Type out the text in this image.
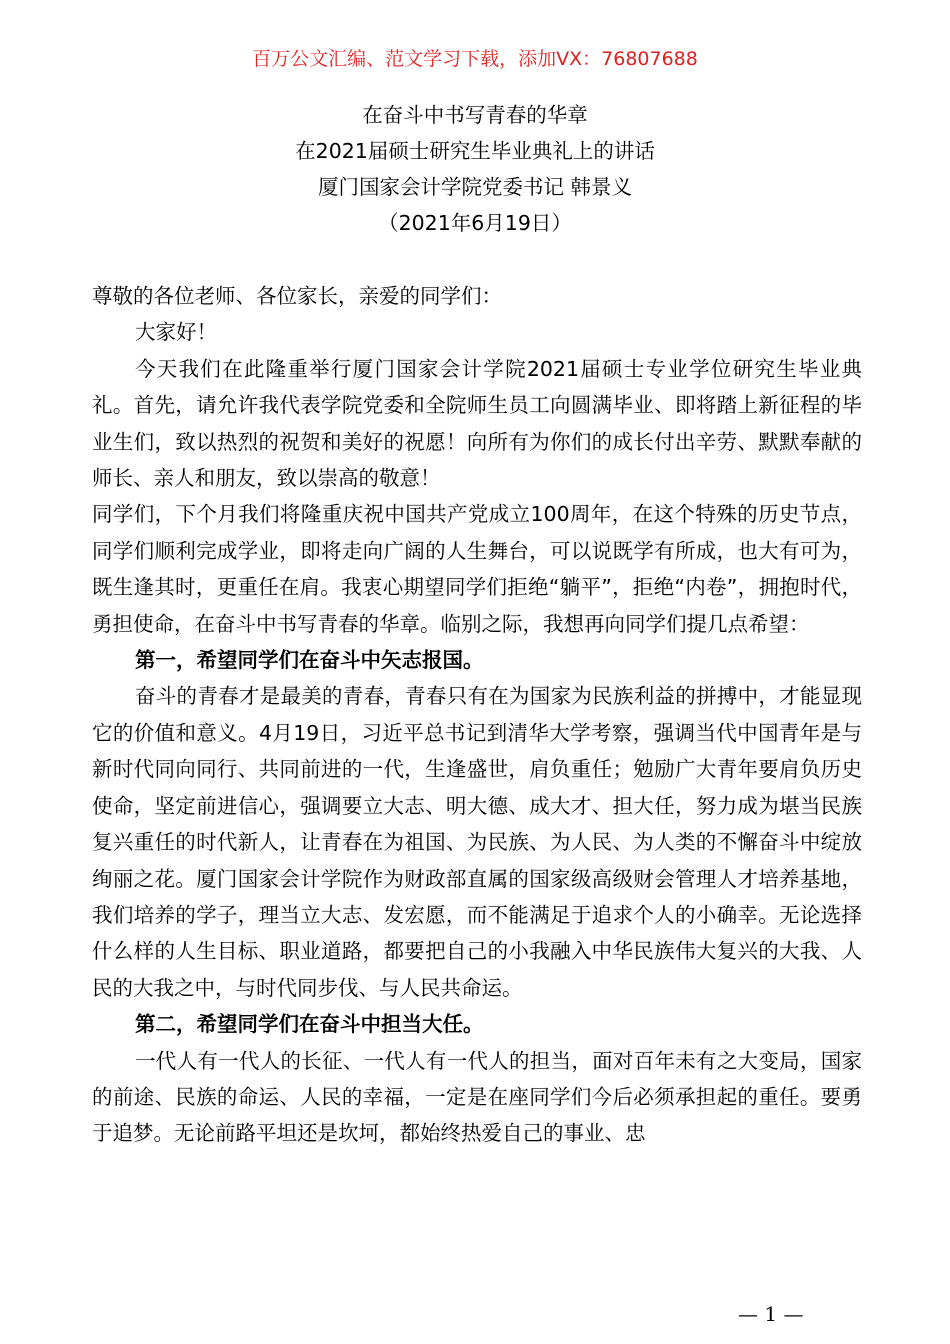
百万公文汇编、范文学习下载，添加VX：76807688
在奋斗中书写青春的华章
在2021届硕士研究生毕业典礼上的讲话
厦门国家会计学院党委书记 韩景义
（2021年6月19日）

尊敬的各位老师、各位家长，亲爱的同学们：

大家好！

今天我们在此隆重举行厦门国家会计学院2021届硕士专业学位研究生毕业典礼。首先，请允许我代表学院党委和全院师生员工向圆满毕业、即将踏上新征程的毕业生们，致以热烈的祝贺和美好的祝愿！向所有为你们的成长付出辛劳、默默奉献的师长、亲人和朋友，致以崇高的敬意！

同学们，下个月我们将隆重庆祝中国共产党成立100周年，在这个特殊的历史节点，同学们顺利完成学业，即将走向广阔的人生舞台，可以说既学有所成，也大有可为，既生逢其时，更重任在肩。我衷心期望同学们拒绝“躺平”，拒绝“内卷”，拥抱时代，勇担使命，在奋斗中书写青春的华章。临别之际，我想再向同学们提几点希望：

第一，希望同学们在奋斗中矢志报国。

奋斗的青春才是最美的青春，青春只有在为国家为民族利益的拼搏中，才能显现它的价值和意义。4月19日，习近平总书记到清华大学考察，强调当代中国青年是与新时代同向同行、共同前进的一代，生逢盛世，肩负重任；勉励广大青年要肩负历史使命，坚定前进信心，强调要立大志、明大德、成大才、担大任，努力成为堪当民族复兴重任的时代新人，让青春在为祖国、为民族、为人民、为人类的不懈奋斗中绽放绚丽之花。厦门国家会计学院作为财政部直属的国家级高级财会管理人才培养基地，我们培养的学子，理当立大志、发宏愿，而不能满足于追求个人的小确幸。无论选择什么样的人生目标、职业道路，都要把自己的小我融入中华民族伟大复兴的大我、人民的大我之中，与时代同步伐、与人民共命运。

第二，希望同学们在奋斗中担当大任。

一代人有一代人的长征、一代人有一代人的担当，面对百年未有之大变局，国家的前途、民族的命运、人民的幸福，一定是在座同学们今后必须承担起的重任。要勇于追梦。无论前路平坦还是坎坷，都始终热爱自己的事业、忠

— 1 —
